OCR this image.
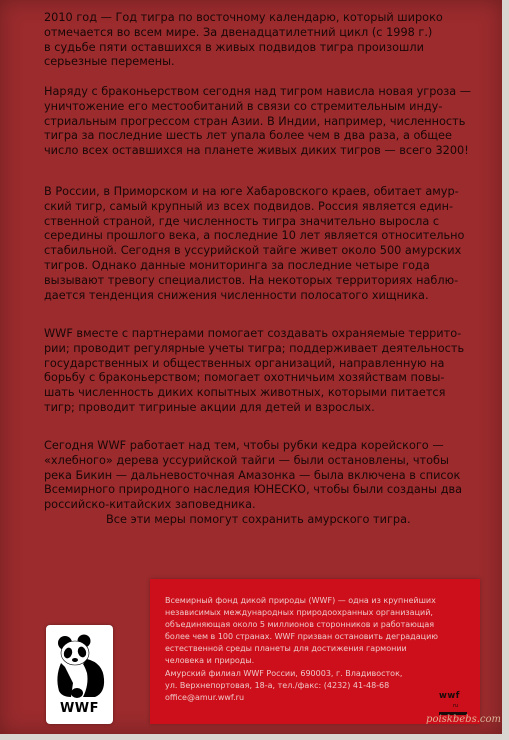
2010 год — Год тигра по восточному календарю, который широко
отмечается во всем мире. За двенадцатилетний цикл (с 1998 г.)
в судьбе пяти оставшихся в живых подвидов тигра произошли
серьезные перемены.
Наряду с браконьерством сегодня над тигром нависла новая угроза —
уничтожение его местообитаний в связи со стремительным инду-
стриальным прогрессом стран Азии. В Индии, например, численность
тигра за последние шесть лет упала более чем в два раза, а общее
число всех оставшихся на планете живых диких тигров — всего 3200!
В России, в Приморском и на юге Хабаровского краев, обитает амур-
ский тигр, самый крупный из всех подвидов. Россия является един-
ственной страной, где численность тигра значительно выросла с
середины прошлого века, а последние 10 лет является относительно
стабильной. Сегодня в уссурийской тайге живет около 500 амурских
тигров. Однако данные мониторинга за последние четыре года
вызывают тревогу специалистов. На некоторых территориях наблю-
дается тенденция снижения численности полосатого хищника.
WWF вместе с партнерами помогает создавать охраняемые террито-
рии; проводит регулярные учеты тигра; поддерживает деятельность
государственных и общественных организаций, направленную на
борьбу с браконьерством; помогает охотничьим хозяйствам повы-
шать численность диких копытных животных, которыми питается
тигр; проводит тигриные акции для детей и взрослых.
Сегодня WWF работает над тем, чтобы рубки кедра корейского —
«хлебного» дерева уссурийской тайги — были остановлены, чтобы
река Бикин — дальневосточная Амазонка — была включена в список
Всемирного природного наследия ЮНЕСКО, чтобы были созданы два
российско-китайских заповедника.
Все эти меры помогут сохранить амурского тигра.
Всемирный фонд дикой природы (WWF) — одна из крупнейших
независимых международных природоохранных организаций,
объединяющая около 5 миллионов сторонников и работающая
более чем в 100 странах. WWF призван остановить деградацию
естественной среды планеты для достижения гармонии
человека и природы.
Амурский филиал WWF России, 690003, г. Владивосток,
ул. Верхнепортовая, 18-а, тел./факс: (4232) 41-48-68
office@amur.wwf.ru	wwf
ru
WWF
poiskbebs.com
